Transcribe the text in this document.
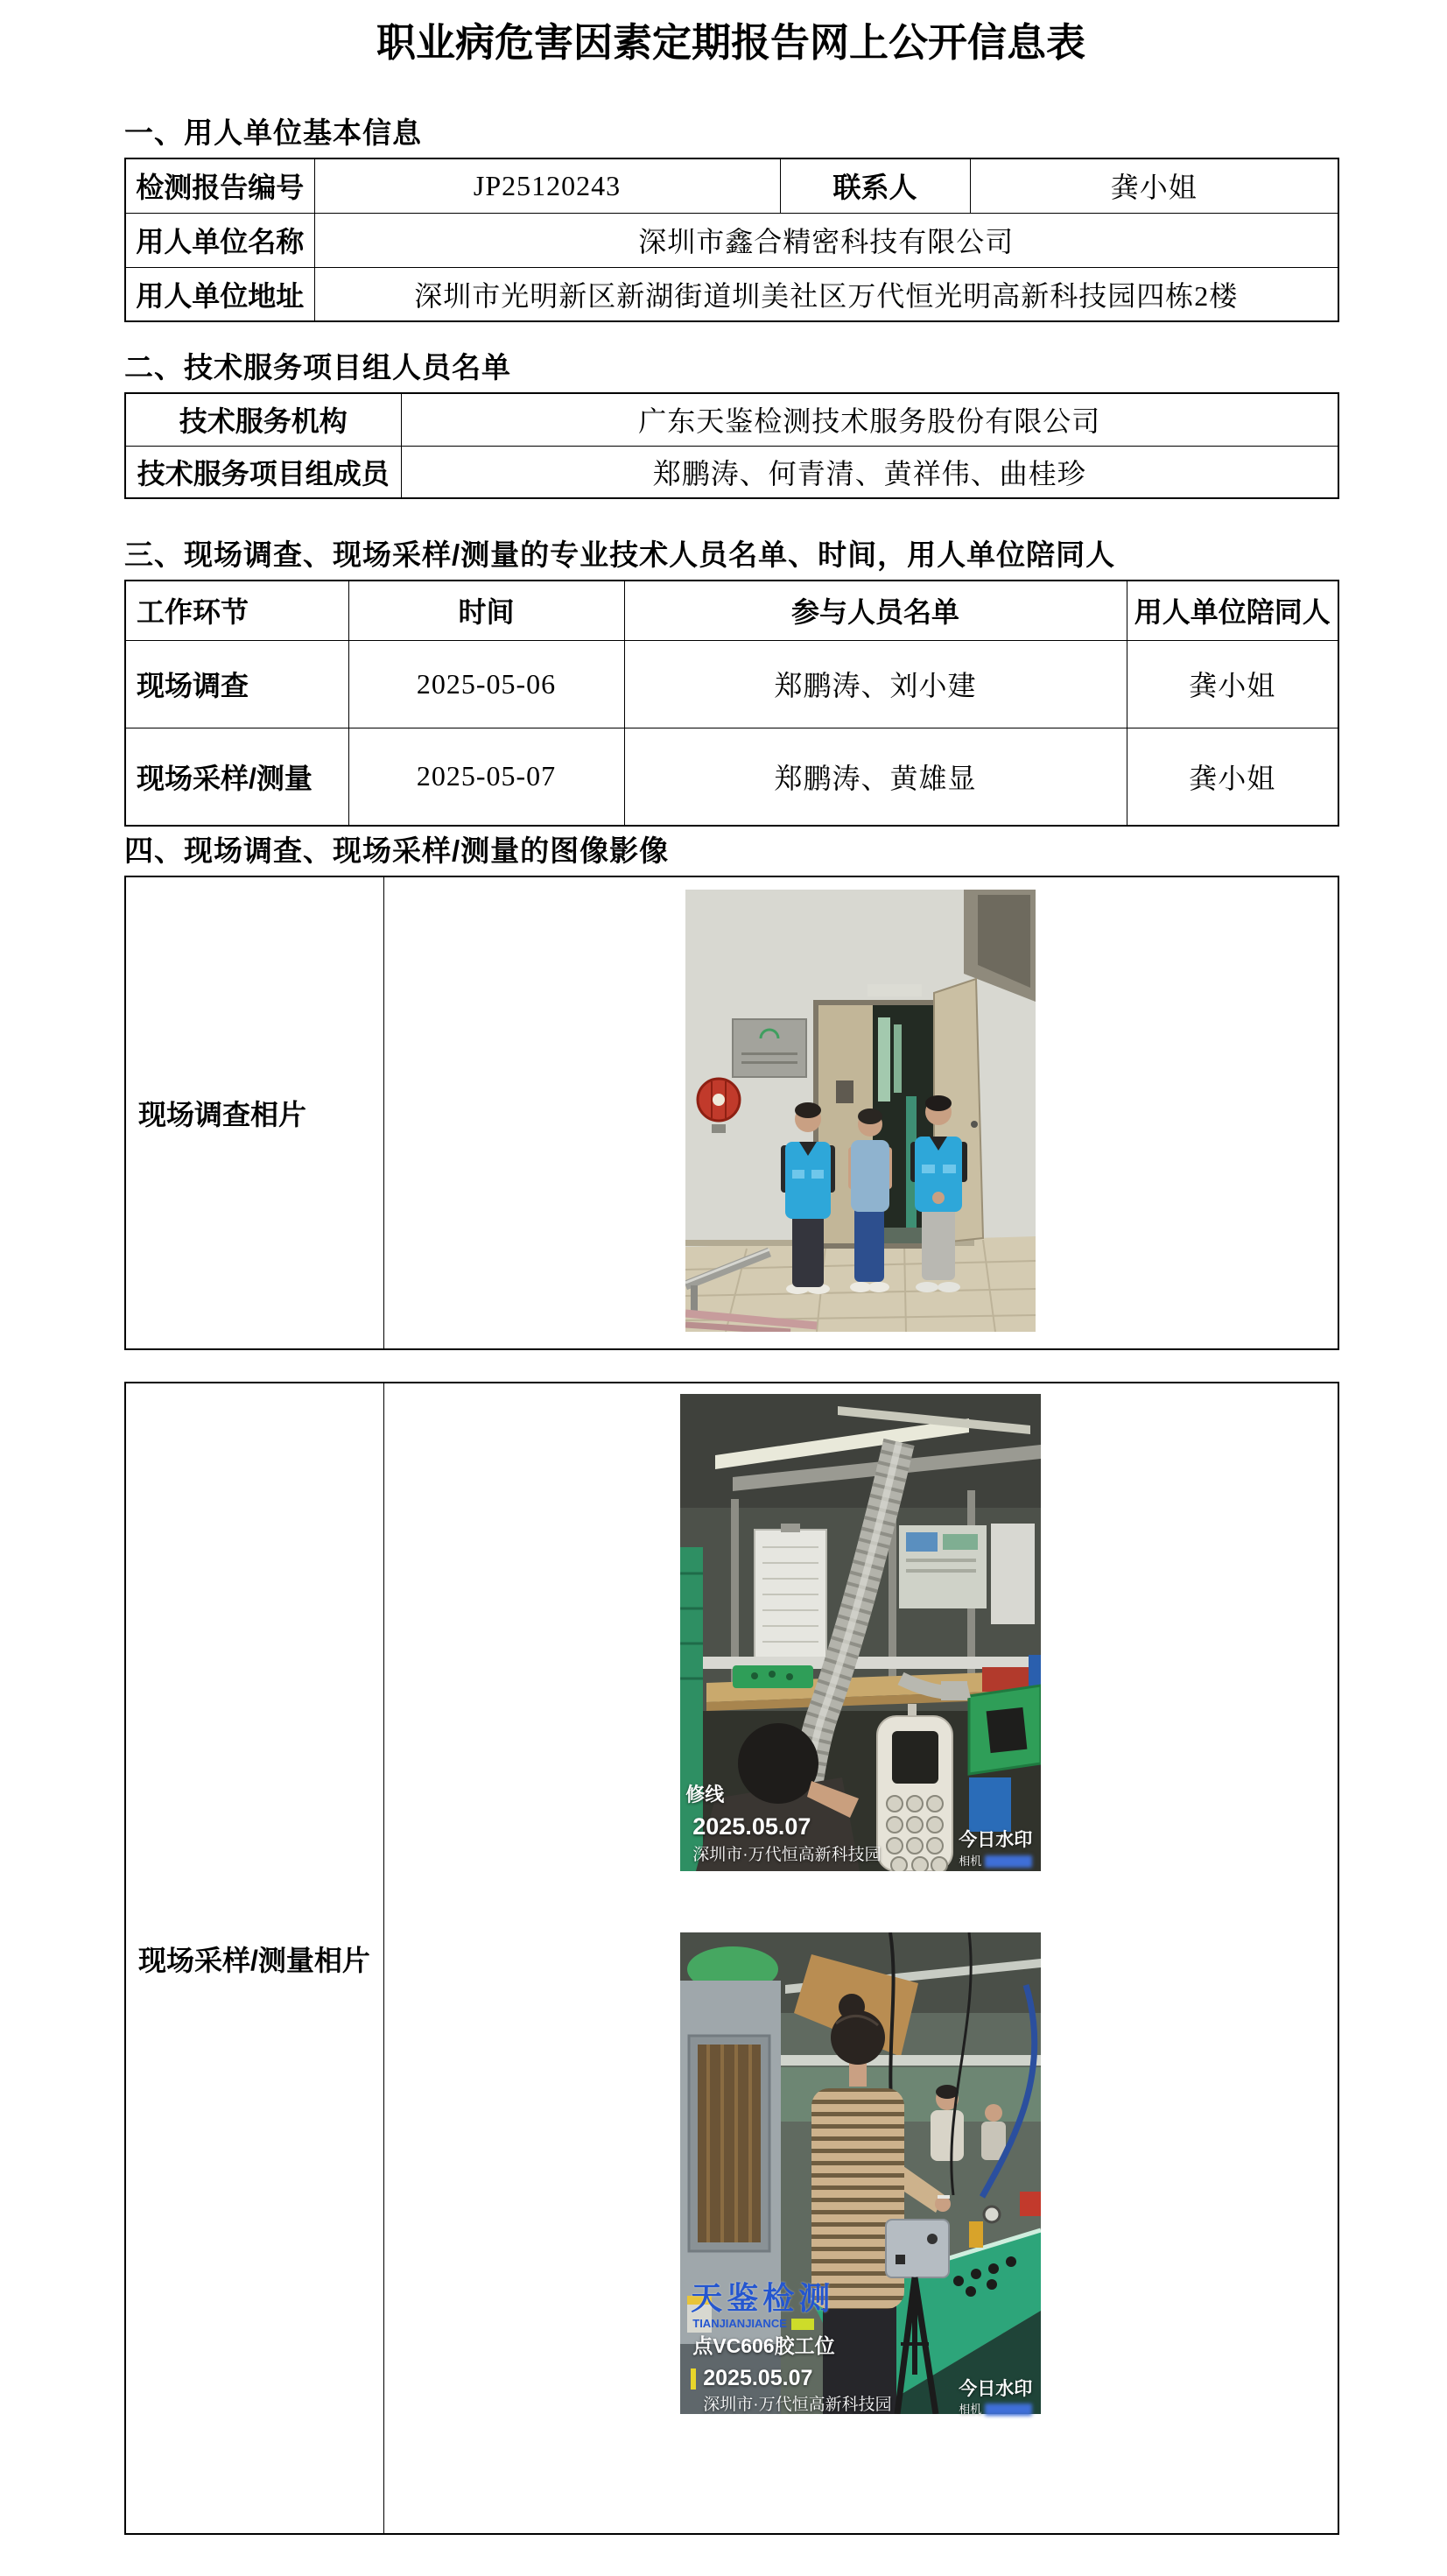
职业病危害因素定期报告网上公开信息表
一、用人单位基本信息
检测报告编号	JP25120243	联系人	龚小姐
用人单位名称	深圳市鑫合精密科技有限公司		
用人单位地址	深圳市光明新区新湖街道圳美社区万代恒光明高新科技园四栋2楼		
二、技术服务项目组人员名单
技术服务机构	广东天鉴检测技术服务股份有限公司
技术服务项目组成员	郑鹏涛、何青清、黄祥伟、曲桂珍
三、现场调查、现场采样/测量的专业技术人员名单、时间，用人单位陪同人
工作环节	时间	参与人员名单	用人单位陪同人
现场调查	2025-05-06	郑鹏涛、刘小建	龚小姐
现场采样/测量	2025-05-07	郑鹏涛、黄雄显	龚小姐
四、现场调查、现场采样/测量的图像影像
现场调查相片	
现场采样/测量相片	
修线
2025.05.07
深圳市·万代恒高新科技园
今日水印
相机
天鉴检测
TIANJIANJIANCE
点VC606胶工位
2025.05.07
深圳市·万代恒高新科技园
今日水印
相机
